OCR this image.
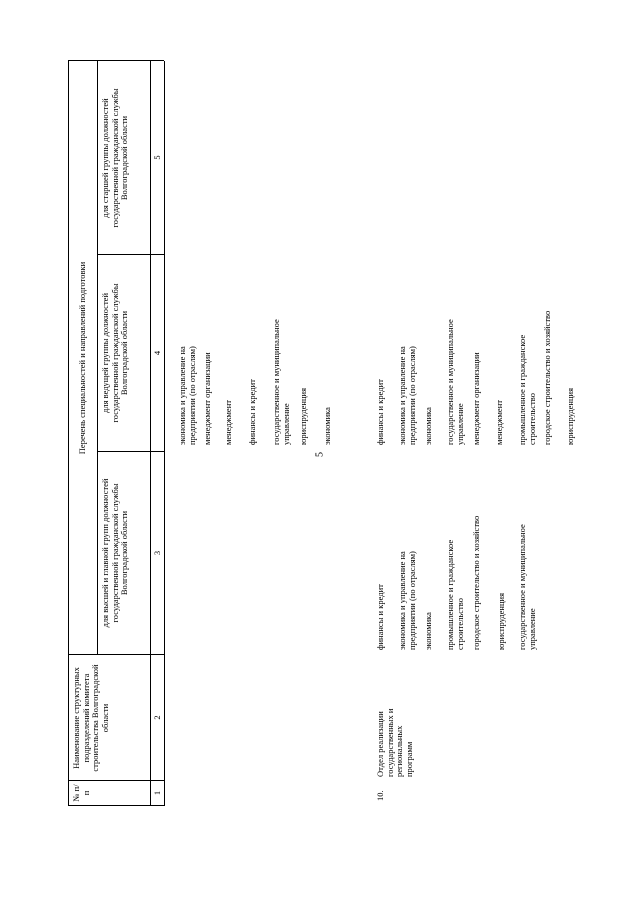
5
№ п/п
Наименование структурных подразделений комитета строительства Волгоградской области
Перечень специальностей и направлений подготовки
для высшей и главной групп должностей государственной гражданской службы Волгоградской области
для ведущей группы должностей государственной гражданской службы Волгоградской области
для старшей группы должностей государственной гражданской службы Волгоградской области
1
2
3
4
5
экономика и управление на предприятии (по отраслям) менеджмент организации менеджмент финансы и кредит государственное и муниципальное управление юриспруденция экономика
10.
Отдел реализации государственных и региональных программ
финансы и кредит экономика и управление на предприятии (по отраслям) экономика промышленное и гражданское строительство городское строительство и хозяйство юриспруденция государственное и муниципальное управление
финансы и кредит экономика и управление на предприятии (по отраслям) экономика государственное и муниципальное управление менеджмент организации менеджмент промышленное и гражданское строительство городское строительство и хозяйство юриспруденция
